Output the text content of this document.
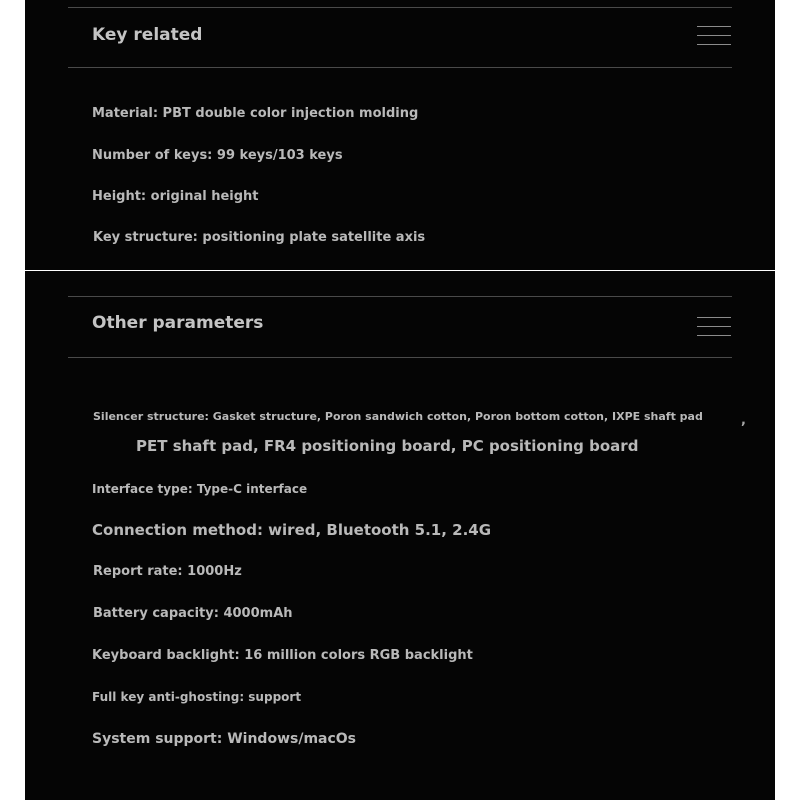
Key related

Material: PBT double color injection molding

Number of keys: 99 keys/103 keys

Height: original height

Key structure: positioning plate satellite axis

Other parameters

Silencer structure: Gasket structure, Poron sandwich cotton, Poron bottom cotton, IXPE shaft pad	,

PET shaft pad, FR4 positioning board, PC positioning board

Interface type: Type-C interface

Connection method: wired, Bluetooth 5.1, 2.4G

Report rate: 1000Hz

Battery capacity: 4000mAh

Keyboard backlight: 16 million colors RGB backlight

Full key anti-ghosting: support

System support: Windows/macOs
